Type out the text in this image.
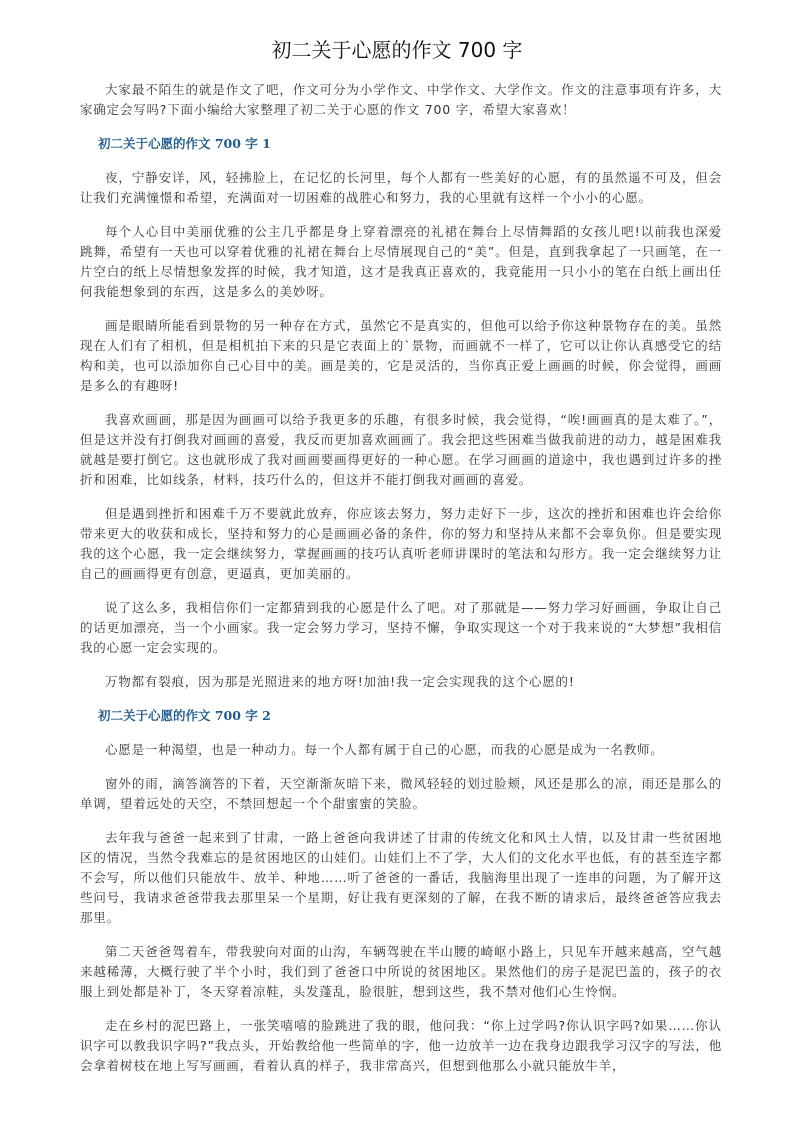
初二关于心愿的作文 700 字

大家最不陌生的就是作文了吧，作文可分为小学作文、中学作文、大学作文。作文的注意事项有许多，大家确定会写吗?下面小编给大家整理了初二关于心愿的作文 700 字，希望大家喜欢！

初二关于心愿的作文 700 字 1

夜，宁静安详，风，轻拂脸上，在记忆的长河里，每个人都有一些美好的心愿，有的虽然遥不可及，但会让我们充满憧憬和希望，充满面对一切困难的战胜心和努力，我的心里就有这样一个小小的心愿。

每个人心目中美丽优雅的公主几乎都是身上穿着漂亮的礼裙在舞台上尽情舞蹈的女孩儿吧!以前我也深爱跳舞，希望有一天也可以穿着优雅的礼裙在舞台上尽情展现自己的“美”。但是，直到我拿起了一只画笔，在一片空白的纸上尽情想象发挥的时候，我才知道，这才是我真正喜欢的，我竟能用一只小小的笔在白纸上画出任何我能想象到的东西，这是多么的美妙呀。

画是眼睛所能看到景物的另一种存在方式，虽然它不是真实的，但他可以给予你这种景物存在的美。虽然现在人们有了相机，但是相机拍下来的只是它表面上的`景物，而画就不一样了，它可以让你认真感受它的结构和美，也可以添加你自己心目中的美。画是美的，它是灵活的，当你真正爱上画画的时候，你会觉得，画画是多么的有趣呀!

我喜欢画画，那是因为画画可以给予我更多的乐趣，有很多时候，我会觉得，“唉!画画真的是太难了。”，但是这并没有打倒我对画画的喜爱，我反而更加喜欢画画了。我会把这些困难当做我前进的动力，越是困难我就越是要打倒它。这也就形成了我对画画要画得更好的一种心愿。在学习画画的道途中，我也遇到过许多的挫折和困难，比如线条，材料，技巧什么的，但这并不能打倒我对画画的喜爱。

但是遇到挫折和困难千万不要就此放弃，你应该去努力，努力走好下一步，这次的挫折和困难也许会给你带来更大的收获和成长，坚持和努力的心是画画必备的条件，你的努力和坚持从来都不会辜负你。但是要实现我的这个心愿，我一定会继续努力，掌握画画的技巧认真听老师讲课时的笔法和勾形方。我一定会继续努力让自己的画画得更有创意，更逼真，更加美丽的。

说了这么多，我相信你们一定都猜到我的心愿是什么了吧。对了那就是——努力学习好画画，争取让自己的话更加漂亮，当一个小画家。我一定会努力学习，坚持不懈，争取实现这一个对于我来说的“大梦想”我相信我的心愿一定会实现的。

万物都有裂痕，因为那是光照进来的地方呀!加油!我一定会实现我的这个心愿的!

初二关于心愿的作文 700 字 2

心愿是一种渴望，也是一种动力。每一个人都有属于自己的心愿，而我的心愿是成为一名教师。

窗外的雨，滴答滴答的下着，天空渐渐灰暗下来，微风轻轻的划过脸颊，风还是那么的凉，雨还是那么的单调，望着远处的天空，不禁回想起一个个甜蜜蜜的笑脸。

去年我与爸爸一起来到了甘肃，一路上爸爸向我讲述了甘肃的传统文化和风土人情，以及甘肃一些贫困地区的情况，当然令我难忘的是贫困地区的山娃们。山娃们上不了学，大人们的文化水平也低，有的甚至连字都不会写，所以他们只能放牛、放羊、种地……听了爸爸的一番话，我脑海里出现了一连串的问题，为了解开这些问号，我请求爸爸带我去那里呆一个星期，好让我有更深刻的了解，在我不断的请求后，最终爸爸答应我去那里。

第二天爸爸驾着车，带我驶向对面的山沟，车辆驾驶在半山腰的崎岖小路上，只见车开越来越高，空气越来越稀薄，大概行驶了半个小时，我们到了爸爸口中所说的贫困地区。果然他们的房子是泥巴盖的，孩子的衣服上到处都是补丁，冬天穿着凉鞋，头发蓬乱，脸很脏，想到这些，我不禁对他们心生怜悯。

走在乡村的泥巴路上，一张笑嘻嘻的脸跳进了我的眼，他问我：“你上过学吗?你认识字吗?如果……你认识字可以教我识字吗?”我点头，开始教给他一些简单的字，他一边放羊一边在我身边跟我学习汉字的写法，他会拿着树枝在地上写写画画，看着认真的样子，我非常高兴，但想到他那么小就只能放牛羊，
